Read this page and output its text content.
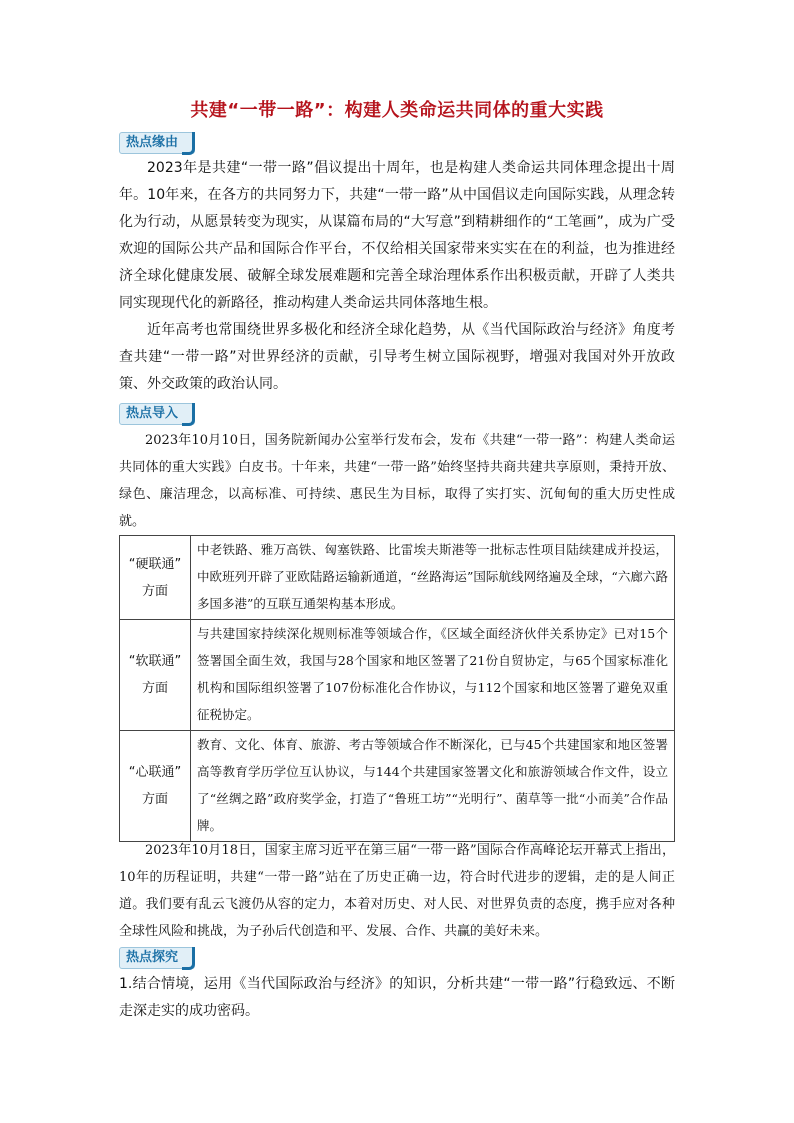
共建“一带一路”：构建人类命运共同体的重大实践
热点缘由
2023年是共建“一带一路”倡议提出十周年，也是构建人类命运共同体理念提出十周年。10年来，在各方的共同努力下，共建“一带一路”从中国倡议走向国际实践，从理念转化为行动，从愿景转变为现实，从谋篇布局的“大写意”到精耕细作的“工笔画”，成为广受欢迎的国际公共产品和国际合作平台，不仅给相关国家带来实实在在的利益，也为推进经济全球化健康发展、破解全球发展难题和完善全球治理体系作出积极贡献，开辟了人类共同实现现代化的新路径，推动构建人类命运共同体落地生根。
近年高考也常围绕世界多极化和经济全球化趋势，从《当代国际政治与经济》角度考查共建“一带一路”对世界经济的贡献，引导考生树立国际视野，增强对我国对外开放政策、外交政策的政治认同。
热点导入
2023年10月10日，国务院新闻办公室举行发布会，发布《共建“一带一路”：构建人类命运共同体的重大实践》白皮书。十年来，共建“一带一路”始终坚持共商共建共享原则，秉持开放、绿色、廉洁理念，以高标准、可持续、惠民生为目标，取得了实打实、沉甸甸的重大历史性成就。
“硬联通”
方面	中老铁路、雅万高铁、匈塞铁路、比雷埃夫斯港等一批标志性项目陆续建成并投运，中欧班列开辟了亚欧陆路运输新通道，“丝路海运”国际航线网络遍及全球，“六廊六路多国多港”的互联互通架构基本形成。

“软联通”
方面	与共建国家持续深化规则标准等领域合作，《区域全面经济伙伴关系协定》已对15个签署国全面生效，我国与28个国家和地区签署了21份自贸协定，与65个国家标准化机构和国际组织签署了107份标准化合作协议，与112个国家和地区签署了避免双重征税协定。

“心联通”
方面	教育、文化、体育、旅游、考古等领域合作不断深化，已与45个共建国家和地区签署高等教育学历学位互认协议，与144个共建国家签署文化和旅游领域合作文件，设立了“丝绸之路”政府奖学金，打造了“鲁班工坊”“光明行”、菌草等一批“小而美”合作品牌。
2023年10月18日，国家主席习近平在第三届“一带一路”国际合作高峰论坛开幕式上指出，10年的历程证明，共建“一带一路”站在了历史正确一边，符合时代进步的逻辑，走的是人间正道。我们要有乱云飞渡仍从容的定力，本着对历史、对人民、对世界负责的态度，携手应对各种全球性风险和挑战，为子孙后代创造和平、发展、合作、共赢的美好未来。
热点探究
1.结合情境，运用《当代国际政治与经济》的知识，分析共建“一带一路”行稳致远、不断走深走实的成功密码。
